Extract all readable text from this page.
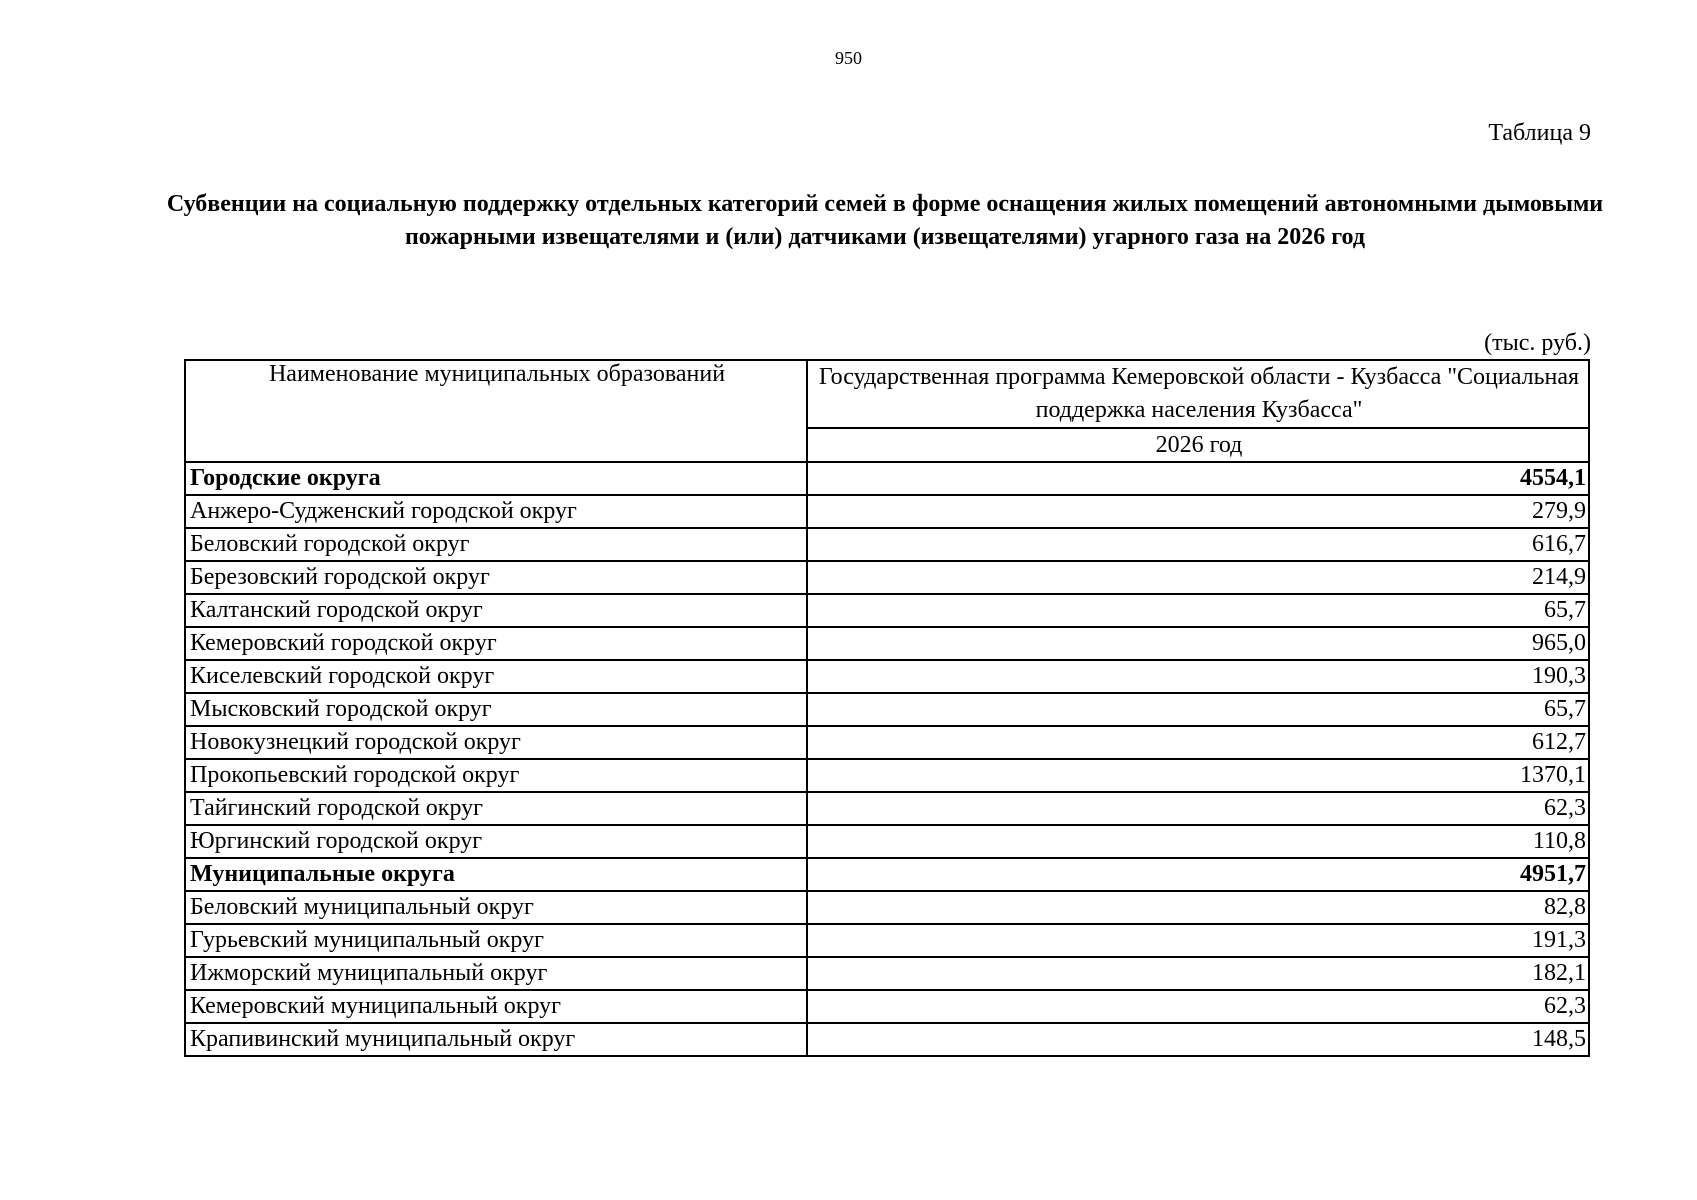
950
Таблица 9
Субвенции на социальную поддержку отдельных категорий семей в форме оснащения жилых помещений автономными дымовыми пожарными извещателями и (или) датчиками (извещателями) угарного газа на 2026 год
(тыс. руб.)
Наименование муниципальных образований	Государственная программа Кемеровской области - Кузбасса "Социальная поддержка населения Кузбасса"
	2026 год
Городские округа	4554,1
Анжеро-Судженский городской округ	279,9
Беловский городской округ	616,7
Березовский городской округ	214,9
Калтанский городской округ	65,7
Кемеровский городской округ	965,0
Киселевский городской округ	190,3
Мысковский городской округ	65,7
Новокузнецкий городской округ	612,7
Прокопьевский городской округ	1370,1
Тайгинский городской округ	62,3
Юргинский городской округ	110,8
Муниципальные округа	4951,7
Беловский муниципальный округ	82,8
Гурьевский муниципальный округ	191,3
Ижморский муниципальный округ	182,1
Кемеровский муниципальный округ	62,3
Крапивинский муниципальный округ	148,5
